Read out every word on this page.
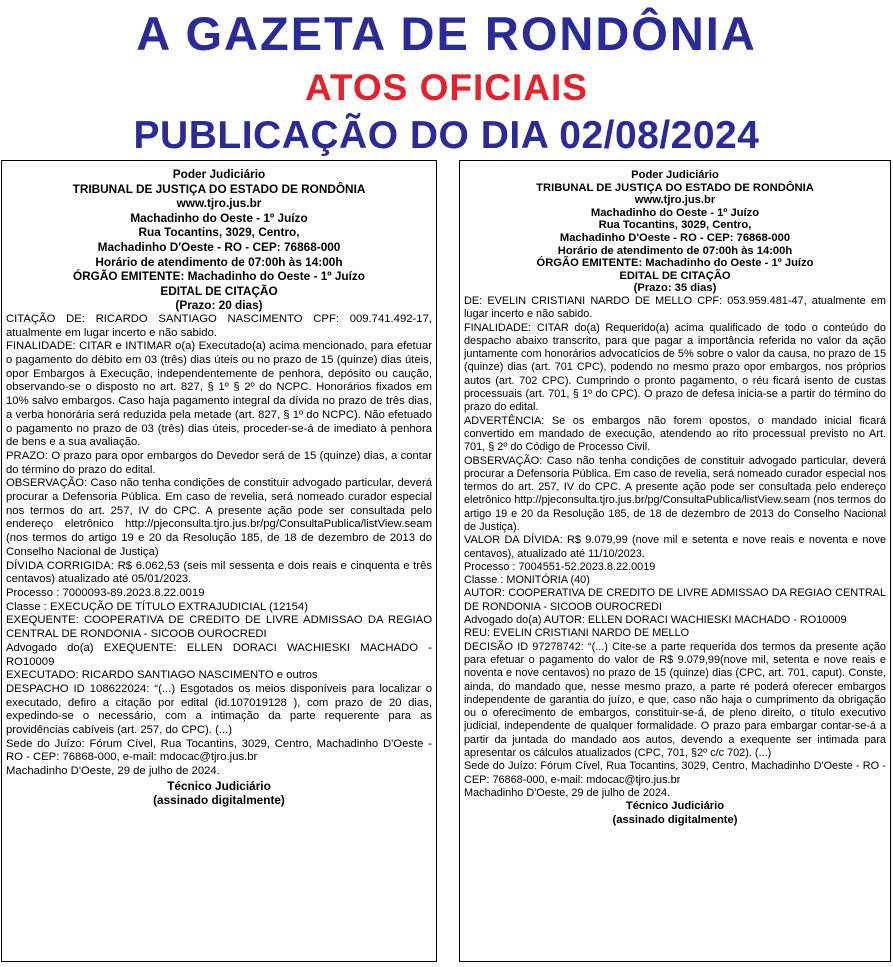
A GAZETA DE RONDÔNIA
ATOS OFICIAIS
PUBLICAÇÃO DO DIA 02/08/2024

Poder Judiciário

TRIBUNAL DE JUSTIÇA DO ESTADO DE RONDÔNIA

www.tjro.jus.br

Machadinho do Oeste - 1º Juízo

Rua Tocantins, 3029, Centro,

Machadinho D'Oeste - RO - CEP: 76868-000

Horário de atendimento de 07:00h às 14:00h

ÓRGÃO EMITENTE: Machadinho do Oeste - 1º Juízo

EDITAL DE CITAÇÃO

(Prazo: 20 dias)

CITAÇÃO DE: RICARDO SANTIAGO NASCIMENTO CPF: 009.741.492-17, atualmente em lugar incerto e não sabido.

FINALIDADE: CITAR e INTIMAR o(a) Executado(a) acima mencionado, para efetuar o pagamento do débito em 03 (três) dias úteis ou no prazo de 15 (quinze) dias úteis, opor Embargos à Execução, independentemente de penhora, depósito ou caução, observando-se o disposto no art. 827, § 1º § 2º do NCPC. Honorários fixados em 10% salvo embargos. Caso haja pagamento integral da dívida no prazo de três dias, a verba honorária será reduzida pela metade (art. 827, § 1º do NCPC). Não efetuado o pagamento no prazo de 03 (três) dias úteis, proceder-se-á de imediato à penhora de bens e a sua avaliação.

PRAZO: O prazo para opor embargos do Devedor será de 15 (quinze) dias, a contar do término do prazo do edital.

OBSERVAÇÃO: Caso não tenha condições de constituir advogado particular, deverá procurar a Defensoria Pública. Em caso de revelia, será nomeado curador especial nos termos do art. 257, IV do CPC. A presente ação pode ser consultada pelo endereço eletrônico http://pjeconsulta.tjro.jus.br/pg/ConsultaPublica/listView.seam (nos termos do artigo 19 e 20 da Resolução 185, de 18 de dezembro de 2013 do Conselho Nacional de Justiça)

DÍVIDA CORRIGIDA: R$ 6.062,53 (seis mil sessenta e dois reais e cinquenta e três centavos) atualizado até 05/01/2023.

Processo : 7000093-89.2023.8.22.0019

Classe : EXECUÇÃO DE TÍTULO EXTRAJUDICIAL (12154)

EXEQUENTE: COOPERATIVA DE CREDITO DE LIVRE ADMISSAO DA REGIAO CENTRAL DE RONDONIA - SICOOB OUROCREDI

Advogado do(a) EXEQUENTE: ELLEN DORACI WACHIESKI MACHADO - RO10009

EXECUTADO: RICARDO SANTIAGO NASCIMENTO e outros

DESPACHO ID 108622024: “(...) Esgotados os meios disponíveis para localizar o executado, defiro a citação por edital (id.107019128 ), com prazo de 20 dias, expedindo-se o necessário, com a intimação da parte requerente para as providências cabíveis (art. 257, do CPC). (...)

Sede do Juízo: Fórum Cível, Rua Tocantins, 3029, Centro, Machadinho D'Oeste - RO - CEP: 76868-000, e-mail: mdocac@tjro.jus.br

Machadinho D'Oeste, 29 de julho de 2024.

Técnico Judiciário

(assinado digitalmente)

Poder Judiciário

TRIBUNAL DE JUSTIÇA DO ESTADO DE RONDÔNIA

www.tjro.jus.br

Machadinho do Oeste - 1º Juízo

Rua Tocantins, 3029, Centro,

Machadinho D'Oeste - RO - CEP: 76868-000

Horário de atendimento de 07:00h às 14:00h

ÓRGÃO EMITENTE: Machadinho do Oeste - 1º Juízo

EDITAL DE CITAÇÃO

(Prazo: 35 dias)

DE: EVELIN CRISTIANI NARDO DE MELLO CPF: 053.959.481-47, atualmente em lugar incerto e não sabido.

FINALIDADE: CITAR do(a) Requerido(a) acima qualificado de todo o conteúdo do despacho abaixo transcrito, para que pagar a importância referida no valor da ação juntamente com honorários advocatícios de 5% sobre o valor da causa, no prazo de 15 (quinze) dias (art. 701 CPC), podendo no mesmo prazo opor embargos, nos próprios autos (art. 702 CPC). Cumprindo o pronto pagamento, o réu ficará isento de custas processuais (art. 701, § 1º do CPC). O prazo de defesa inicia-se a partir do término do prazo do edital.

ADVERTÊNCIA: Se os embargos não forem opostos, o mandado inicial ficará convertido em mandado de execução, atendendo ao rito processual previsto no Art. 701, § 2º do Código de Processo Civil.

OBSERVAÇÃO: Caso não tenha condições de constituir advogado particular, deverá procurar a Defensoria Pública. Em caso de revelia, será nomeado curador especial nos termos do art. 257, IV do CPC. A presente ação pode ser consultada pelo endereço eletrônico http://pjeconsulta.tjro.jus.br/pg/ConsultaPublica/listView.seam (nos termos do artigo 19 e 20 da Resolução 185, de 18 de dezembro de 2013 do Conselho Nacional de Justiça).

VALOR DA DÍVIDA: R$ 9.079,99 (nove mil e setenta e nove reais e noventa e nove centavos), atualizado até 11/10/2023.

Processo : 7004551-52.2023.8.22.0019

Classe : MONITÓRIA (40)

AUTOR: COOPERATIVA DE CREDITO DE LIVRE ADMISSAO DA REGIAO CENTRAL DE RONDONIA - SICOOB OUROCREDI

Advogado do(a) AUTOR: ELLEN DORACI WACHIESKI MACHADO - RO10009

REU: EVELIN CRISTIANI NARDO DE MELLO

DECISÃO ID 97278742: “(...) Cite-se a parte requerida dos termos da presente ação para efetuar o pagamento do valor de R$ 9.079,99(nove mil, setenta e nove reais e noventa e nove centavos) no prazo de 15 (quinze) dias (CPC, art. 701, caput). Conste, ainda, do mandado que, nesse mesmo prazo, a parte ré poderá oferecer embargos independente de garantia do juízo, e que, caso não haja o cumprimento da obrigação ou o oferecimento de embargos, constituir-se-á, de pleno direito, o título executivo judicial, independente de qualquer formalidade. O prazo para embargar contar-se-á a partir da juntada do mandado aos autos, devendo a exequente ser intimada para apresentar os cálculos atualizados (CPC, 701, §2º c/c 702). (...)

Sede do Juízo: Fórum Cível, Rua Tocantins, 3029, Centro, Machadinho D'Oeste - RO - CEP: 76868-000, e-mail: mdocac@tjro.jus.br

Machadinho D'Oeste, 29 de julho de 2024.

Técnico Judiciário

(assinado digitalmente)
